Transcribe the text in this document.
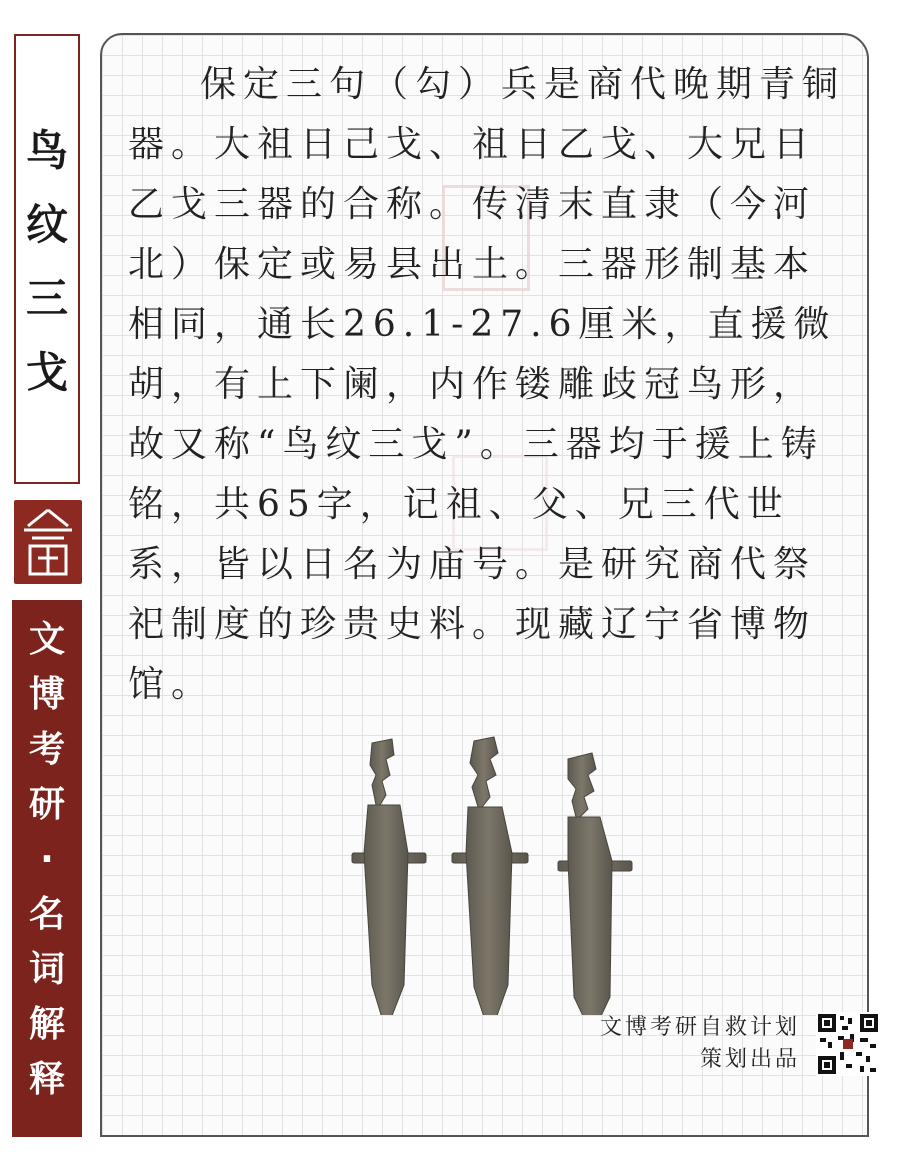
鸟
纹
三
戈
文
博
考
研
·
名
词
解
释

保定三句（勾）兵是商代晚期青铜器。大祖日己戈、祖日乙戈、大兄日乙戈三器的合称。传清末直隶（今河北）保定或易县出土。三器形制基本相同，通长26.1-27.6厘米，直援微胡，有上下阑，内作镂雕歧冠鸟形，故又称“鸟纹三戈”。三器均于援上铸铭，共65字，记祖、父、兄三代世系，皆以日名为庙号。是研究商代祭祀制度的珍贵史料。现藏辽宁省博物馆。

文博考研自救计划
策划出品
